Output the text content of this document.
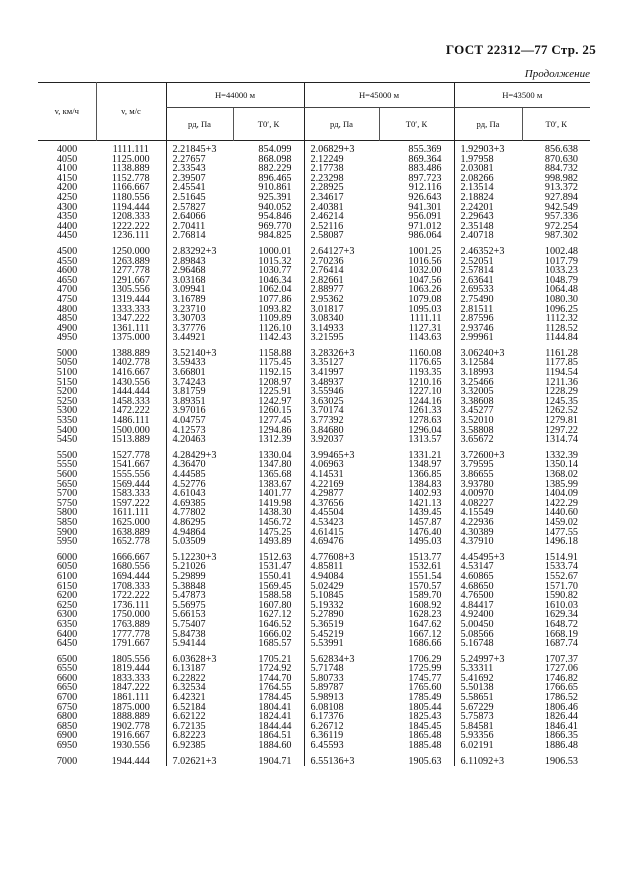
ГОСТ 22312—77 Стр. 25
Продолжение
v, км/ч	v, м/с	H=44000 м		H=45000 м		H=43500 м	
		pд, Па	T0′, К	pд, Па	T0′, К	pд, Па	T0′, К
4000	1111.111	2.21845+3	854.099	2.06829+3	855.369	1.92903+3	856.638
4050	1125.000	2.27657	868.098	2.12249	869.364	1.97958	870.630
4100	1138.889	2.33543	882.229	2.17738	883.486	2.03081	884.732
4150	1152.778	2.39507	896.465	2.23298	897.723	2.08266	998.982
4200	1166.667	2.45541	910.861	2.28925	912.116	2.13514	913.372
4250	1180.556	2.51645	925.391	2.34617	926.643	2.18824	927.894
4300	1194.444	2.57827	940.052	2.40381	941.301	2.24201	942.549
4350	1208.333	2.64066	954.846	2.46214	956.091	2.29643	957.336
4400	1222.222	2.70411	969.770	2.52116	971.012	2.35148	972.254
4450	1236.111	2.76814	984.825	2.58087	986.064	2.40718	987.302

4500	1250.000	2.83292+3	1000.01	2.64127+3	1001.25	2.46352+3	1002.48
4550	1263.889	2.89843	1015.32	2.70236	1016.56	2.52051	1017.79
4600	1277.778	2.96468	1030.77	2.76414	1032.00	2.57814	1033.23
4650	1291.667	3.03168	1046.34	2.82661	1047.56	2.63641	1048.79
4700	1305.556	3.09941	1062.04	2.88977	1063.26	2.69533	1064.48
4750	1319.444	3.16789	1077.86	2.95362	1079.08	2.75490	1080.30
4800	1333.333	3.23710	1093.82	3.01817	1095.03	2.81511	1096.25
4850	1347.222	3.30703	1109.89	3.08340	1111.11	2.87596	1112.32
4900	1361.111	3.37776	1126.10	3.14933	1127.31	2.93746	1128.52
4950	1375.000	3.44921	1142.43	3.21595	1143.63	2.99961	1144.84

5000	1388.889	3.52140+3	1158.88	3.28326+3	1160.08	3.06240+3	1161.28
5050	1402.778	3.59433	1175.45	3.35127	1176.65	3.12584	1177.85
5100	1416.667	3.66801	1192.15	3.41997	1193.35	3.18993	1194.54
5150	1430.556	3.74243	1208.97	3.48937	1210.16	3.25466	1211.36
5200	1444.444	3.81759	1225.91	3.55946	1227.10	3.32005	1228.29
5250	1458.333	3.89351	1242.97	3.63025	1244.16	3.38608	1245.35
5300	1472.222	3.97016	1260.15	3.70174	1261.33	3.45277	1262.52
5350	1486.111	4.04757	1277.45	3.77392	1278.63	3.52010	1279.81
5400	1500.000	4.12573	1294.86	3.84680	1296.04	3.58808	1297.22
5450	1513.889	4.20463	1312.39	3.92037	1313.57	3.65672	1314.74

5500	1527.778	4.28429+3	1330.04	3.99465+3	1331.21	3.72600+3	1332.39
5550	1541.667	4.36470	1347.80	4.06963	1348.97	3.79595	1350.14
5600	1555.556	4.44585	1365.68	4.14531	1366.85	3.86655	1368.02
5650	1569.444	4.52776	1383.67	4.22169	1384.83	3.93780	1385.99
5700	1583.333	4.61043	1401.77	4.29877	1402.93	4.00970	1404.09
5750	1597.222	4.69385	1419.98	4.37656	1421.13	4.08227	1422.29
5800	1611.111	4.77802	1438.30	4.45504	1439.45	4.15549	1440.60
5850	1625.000	4.86295	1456.72	4.53423	1457.87	4.22936	1459.02
5900	1638.889	4.94864	1475.25	4.61415	1476.40	4.30389	1477.55
5950	1652.778	5.03509	1493.89	4.69476	1495.03	4.37910	1496.18

6000	1666.667	5.12230+3	1512.63	4.77608+3	1513.77	4.45495+3	1514.91
6050	1680.556	5.21026	1531.47	4.85811	1532.61	4.53147	1533.74
6100	1694.444	5.29899	1550.41	4.94084	1551.54	4.60865	1552.67
6150	1708.333	5.38848	1569.45	5.02429	1570.57	4.68650	1571.70
6200	1722.222	5.47873	1588.58	5.10845	1589.70	4.76500	1590.82
6250	1736.111	5.56975	1607.80	5.19332	1608.92	4.84417	1610.03
6300	1750.000	5.66153	1627.12	5.27890	1628.23	4.92400	1629.34
6350	1763.889	5.75407	1646.52	5.36519	1647.62	5.00450	1648.72
6400	1777.778	5.84738	1666.02	5.45219	1667.12	5.08566	1668.19
6450	1791.667	5.94144	1685.57	5.53991	1686.66	5.16748	1687.74

6500	1805.556	6.03628+3	1705.21	5.62834+3	1706.29	5.24997+3	1707.37
6550	1819.444	6.13187	1724.92	5.71748	1725.99	5.33311	1727.06
6600	1833.333	6.22822	1744.70	5.80733	1745.77	5.41692	1746.82
6650	1847.222	6.32534	1764.55	5.89787	1765.60	5.50138	1766.65
6700	1861.111	6.42321	1784.45	5.98913	1785.49	5.58651	1786.52
6750	1875.000	6.52184	1804.41	6.08108	1805.44	5.67229	1806.46
6800	1888.889	6.62122	1824.41	6.17376	1825.43	5.75873	1826.44
6850	1902.778	6.72135	1844.44	6.26712	1845.45	5.84581	1846.41
6900	1916.667	6.82223	1864.51	6.36119	1865.48	5.93356	1866.35
6950	1930.556	6.92385	1884.60	6.45593	1885.48	6.02191	1886.48

7000	1944.444	7.02621+3	1904.71	6.55136+3	1905.63	6.11092+3	1906.53
